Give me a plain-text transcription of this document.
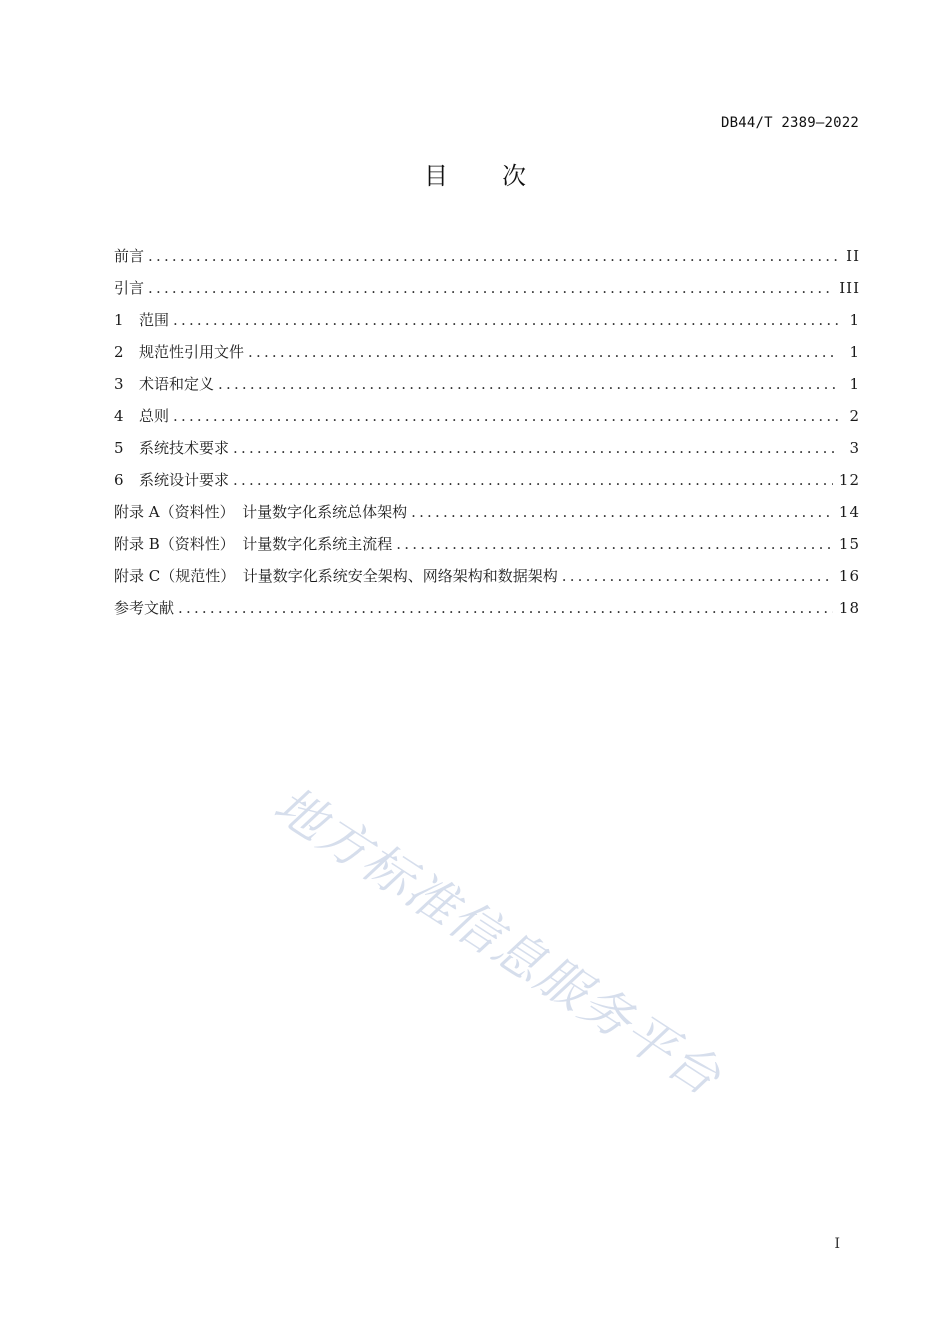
DB44/T 2389—2022
目 次
前言 .....	II
引言 .....	III
1 范围 .....	1
2 规范性引用文件 .....	1
3 术语和定义 .....	1
4 总则 .....	2
5 系统技术要求 .....	3
6 系统设计要求 .....	12
附录 A（资料性）　计量数字化系统总体架构 .....	14
附录 B（资料性）　计量数字化系统主流程 .....	15
附录 C（规范性）　计量数字化系统安全架构、网络架构和数据架构 .....	16
参考文献 .....	18
地方标准信息服务平台
I
